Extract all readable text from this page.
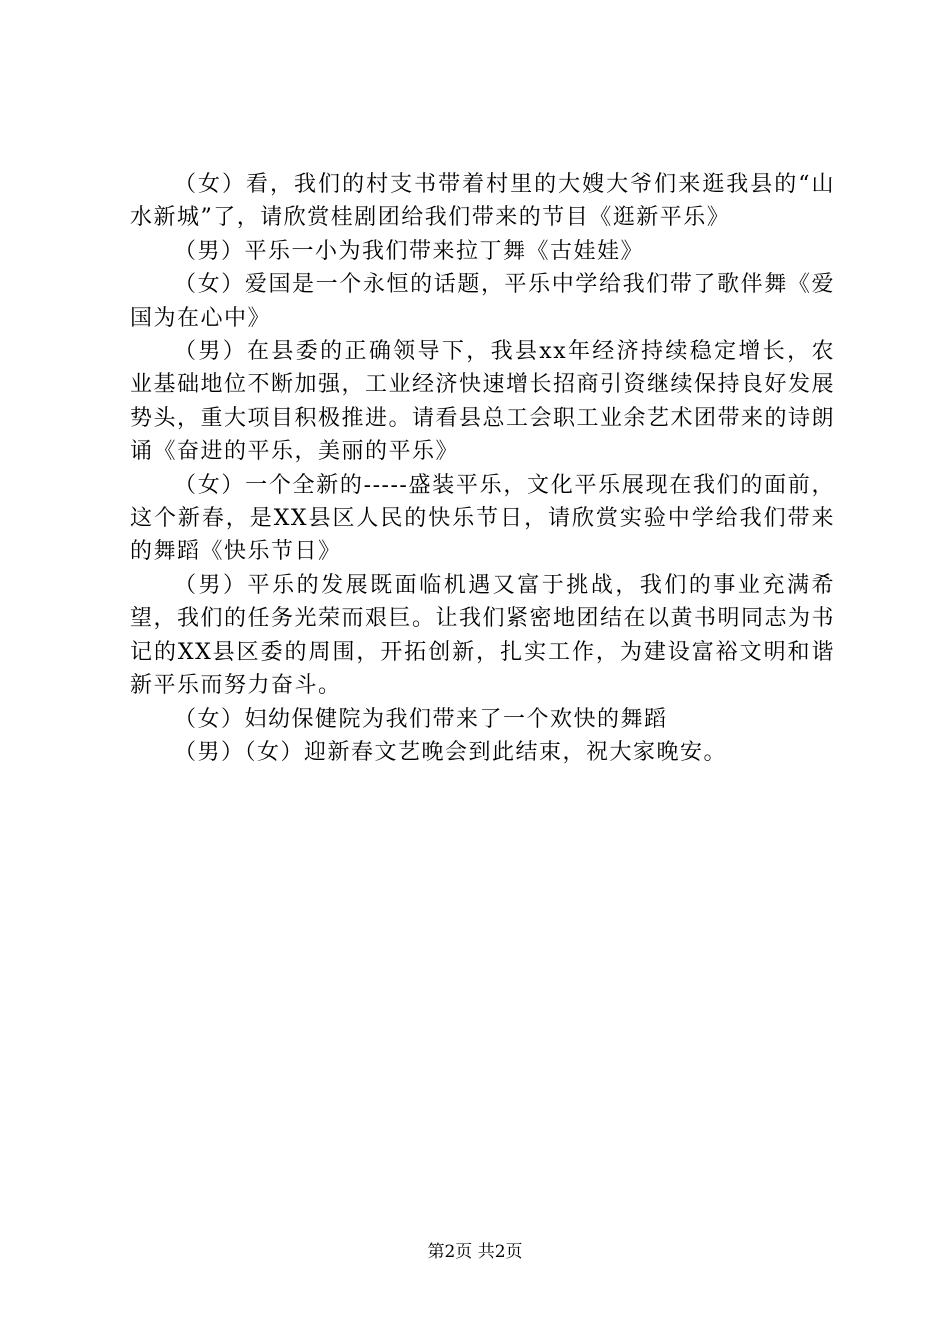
（女）看，我们的村支书带着村里的大嫂大爷们来逛我县的“山水新城”了，请欣赏桂剧团给我们带来的节目《逛新平乐》

（男）平乐一小为我们带来拉丁舞《古娃娃》

（女）爱国是一个永恒的话题，平乐中学给我们带了歌伴舞《爱国为在心中》

（男）在县委的正确领导下，我县xx年经济持续稳定增长，农业基础地位不断加强，工业经济快速增长招商引资继续保持良好发展势头，重大项目积极推进。请看县总工会职工业余艺术团带来的诗朗诵《奋进的平乐，美丽的平乐》

（女）一个全新的-----盛装平乐，文化平乐展现在我们的面前，这个新春，是XX县区人民的快乐节日，请欣赏实验中学给我们带来的舞蹈《快乐节日》

（男）平乐的发展既面临机遇又富于挑战，我们的事业充满希望，我们的任务光荣而艰巨。让我们紧密地团结在以黄书明同志为书记的XX县区委的周围，开拓创新，扎实工作，为建设富裕文明和谐新平乐而努力奋斗。

（女）妇幼保健院为我们带来了一个欢快的舞蹈

（男）（女）迎新春文艺晚会到此结束，祝大家晚安。

第2页 共2页
